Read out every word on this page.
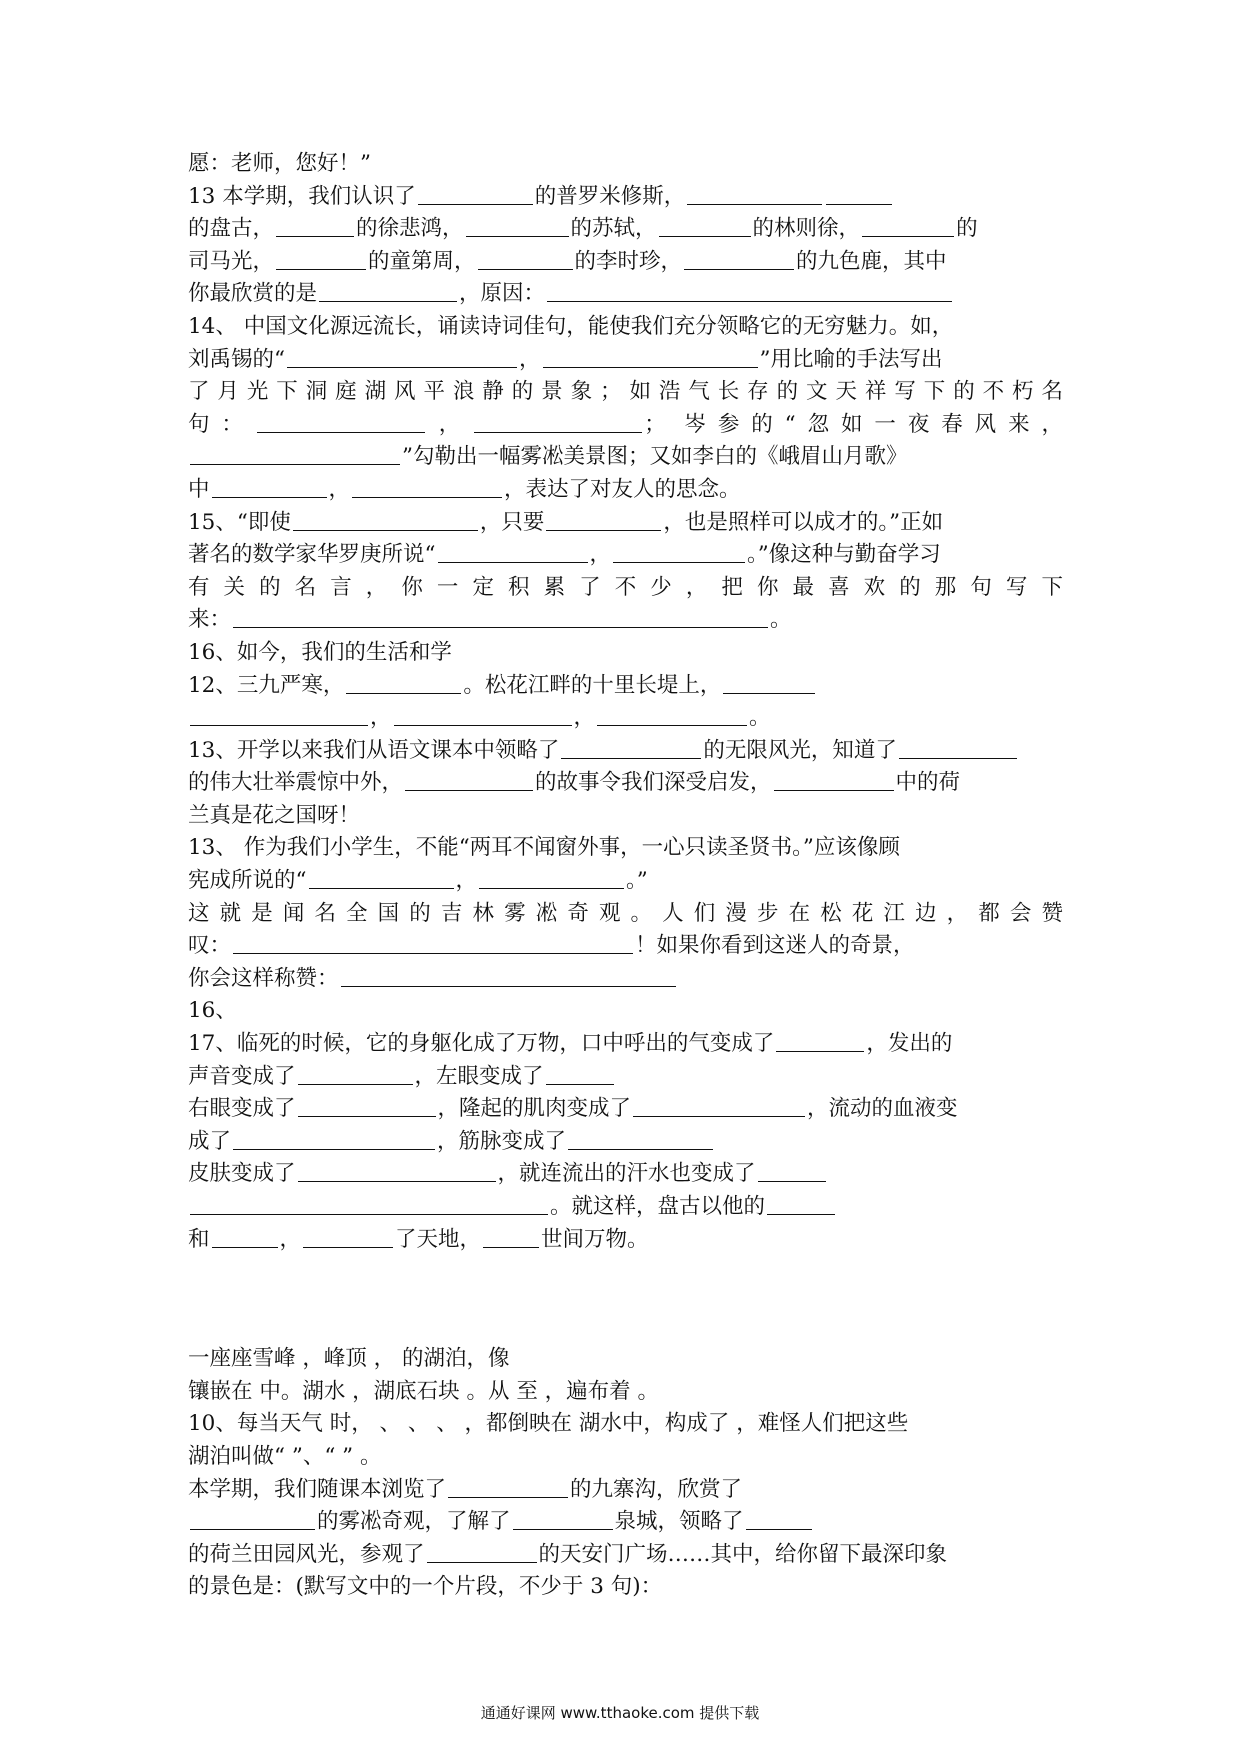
愿：老师，您好！”
13 本学期，我们认识了	的普罗米修斯，
的盘古，	的徐悲鸿，	的苏轼，	的林则徐，	的
司马光，	的童第周，	的李时珍，	的九色鹿，其中
你最欣赏的是	，原因：
14、 中国文化源远流长，诵读诗词佳句，能使我们充分领略它的无穷魅力。如，
刘禹锡的“	，	”用比喻的手法写出
了月光下洞庭湖风平浪静的景象；如浩气长存的文天祥写下的不朽名
句：	，	； 岑参的“忽如一夜春风来，
”勾勒出一幅雾凇美景图；又如李白的《峨眉山月歌》
中	，	，表达了对友人的思念。
15、“即使	，只要	，也是照样可以成才的。”正如
著名的数学家华罗庚所说“	，	。”像这种与勤奋学习
有关的名言，你一定积累了不少，把你最喜欢的那句写下
来：	。
16、如今，我们的生活和学
12、三九严寒，	。松花江畔的十里长堤上，
，	，	。
13、开学以来我们从语文课本中领略了	的无限风光，知道了
的伟大壮举震惊中外，	的故事令我们深受启发，	中的荷
兰真是花之国呀！
13、 作为我们小学生，不能“两耳不闻窗外事，一心只读圣贤书。”应该像顾
宪成所说的“	，	。”
这就是闻名全国的吉林雾凇奇观。人们漫步在松花江边，都会赞
叹：	！如果你看到这迷人的奇景，
你会这样称赞：
16、
17、临死的时候，它的身躯化成了万物，口中呼出的气变成了	，发出的
声音变成了	，左眼变成了
右眼变成了	，隆起的肌肉变成了	，流动的血液变
成了	，筋脉变成了
皮肤变成了	，就连流出的汗水也变成了
。就这样，盘古以他的
和	，	了天地，	世间万物。
一座座雪峰 ，峰顶 ， 的湖泊，像
镶嵌在 中。湖水 ，湖底石块 。从 至 ，遍布着 。
10、每当天气 时， 、 、 、 ，都倒映在 湖水中，构成了 ，难怪人们把这些
湖泊叫做“ ”、“ ” 。
本学期，我们随课本浏览了	的九寨沟，欣赏了
的雾凇奇观，了解了	泉城，领略了
的荷兰田园风光，参观了	的天安门广场……其中，给你留下最深印象
的景色是：(默写文中的一个片段，不少于 3 句)：
通通好课网 www.tthaoke.com 提供下载
